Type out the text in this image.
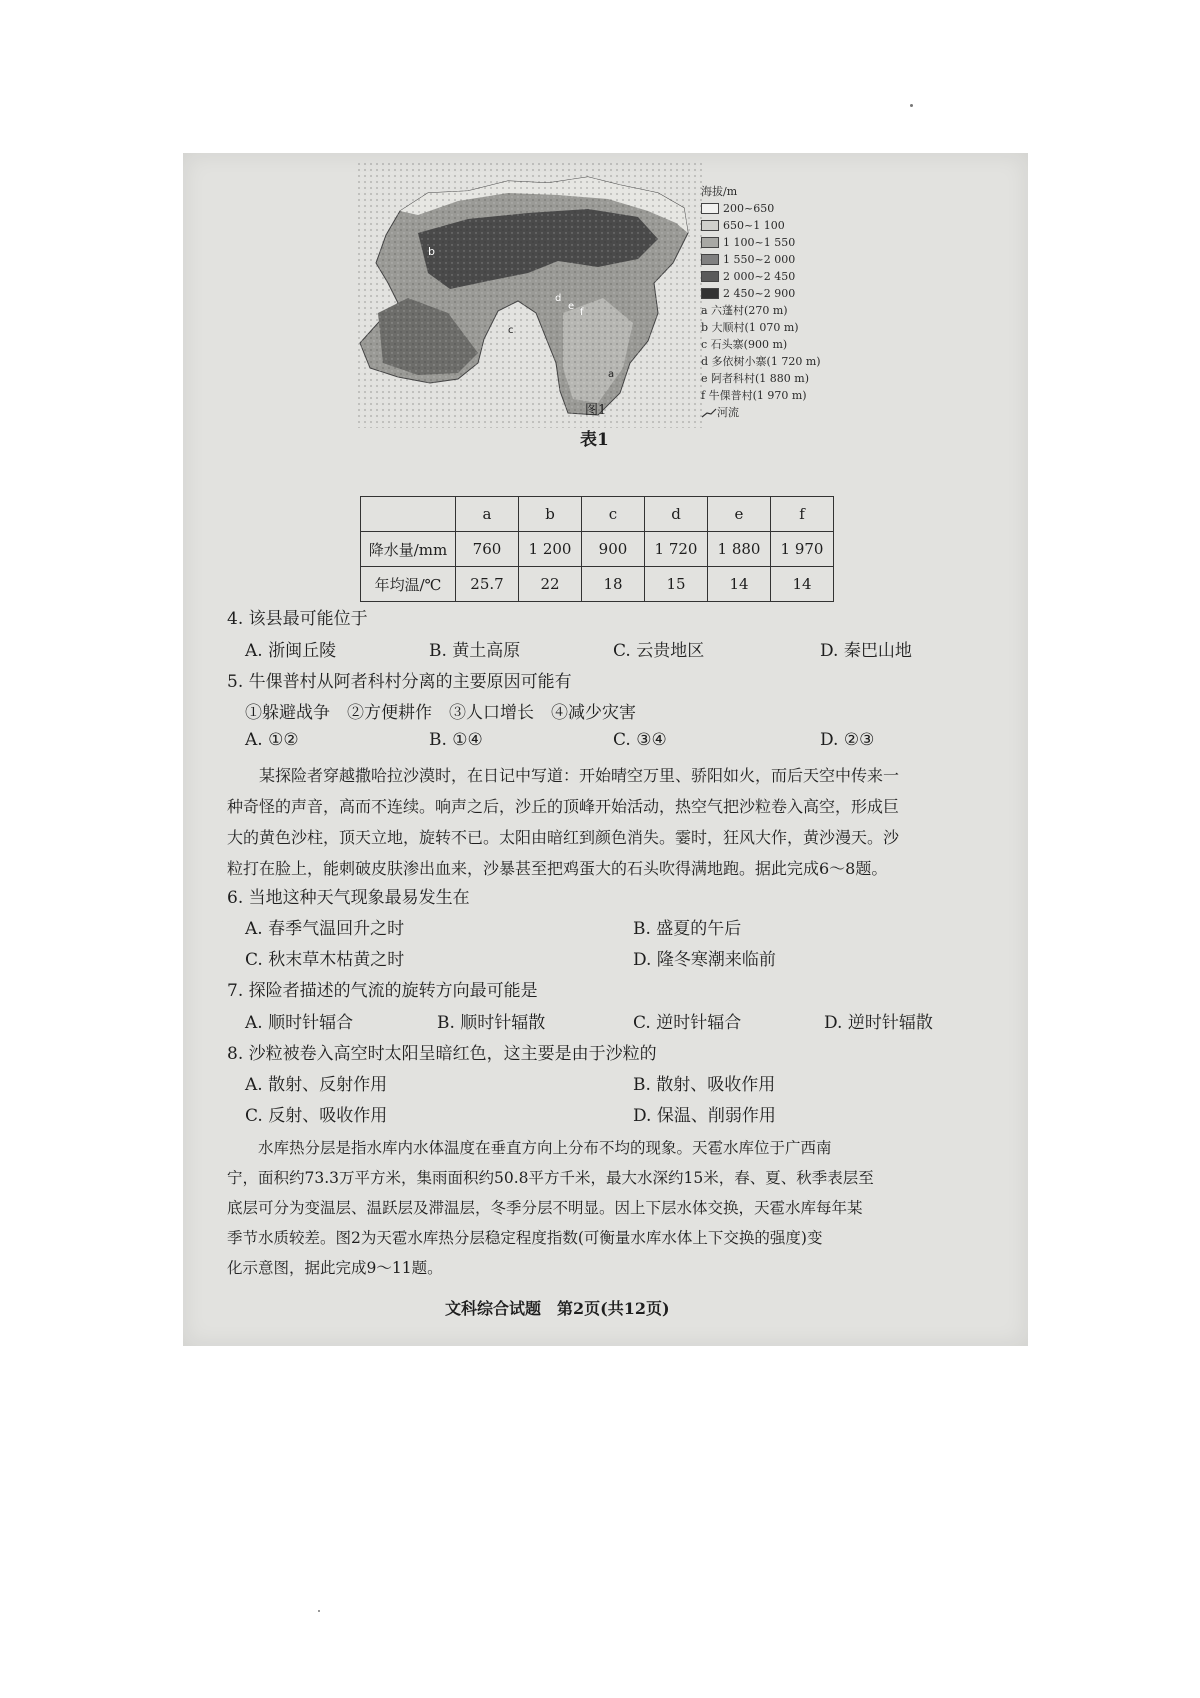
b
d
e
f
a
c
海拔/m
200~650
650~1 100
1 100~1 550
1 550~2 000
2 000~2 450
2 450~2 900
a 六蓬村(270 m)
b 大顺村(1 070 m)
c 石头寨(900 m)
d 多依树小寨(1 720 m)
e 阿者科村(1 880 m)
f 牛倮普村(1 970 m)
河流
图1
表1
	a	b	c	d	e	f
降水量/mm	760	1 200	900	1 720	1 880	1 970
年均温/℃	25.7	22	18	15	14	14
4. 该县最可能位于
A. 浙闽丘陵	B. 黄土高原	C. 云贵地区	D. 秦巴山地
5. 牛倮普村从阿者科村分离的主要原因可能有
①躲避战争　②方便耕作　③人口增长　④减少灾害
A. ①②	B. ①④	C. ③④	D. ②③
某探险者穿越撒哈拉沙漠时，在日记中写道：开始晴空万里、骄阳如火，而后天空中传来一
种奇怪的声音，高而不连续。响声之后，沙丘的顶峰开始活动，热空气把沙粒卷入高空，形成巨
大的黄色沙柱，顶天立地，旋转不已。太阳由暗红到颜色消失。霎时，狂风大作，黄沙漫天。沙
粒打在脸上，能刺破皮肤渗出血来，沙暴甚至把鸡蛋大的石头吹得满地跑。据此完成6～8题。
6. 当地这种天气现象最易发生在
A. 春季气温回升之时	B. 盛夏的午后
C. 秋末草木枯黄之时	D. 隆冬寒潮来临前
7. 探险者描述的气流的旋转方向最可能是
A. 顺时针辐合	B. 顺时针辐散	C. 逆时针辐合	D. 逆时针辐散
8. 沙粒被卷入高空时太阳呈暗红色，这主要是由于沙粒的
A. 散射、反射作用	B. 散射、吸收作用
C. 反射、吸收作用	D. 保温、削弱作用
水库热分层是指水库内水体温度在垂直方向上分布不均的现象。天雹水库位于广西南
宁，面积约73.3万平方米，集雨面积约50.8平方千米，最大水深约15米，春、夏、秋季表层至
底层可分为变温层、温跃层及滞温层，冬季分层不明显。因上下层水体交换，天雹水库每年某
季节水质较差。图2为天雹水库热分层稳定程度指数(可衡量水库水体上下交换的强度)变
化示意图，据此完成9～11题。
文科综合试题　第2页(共12页)
